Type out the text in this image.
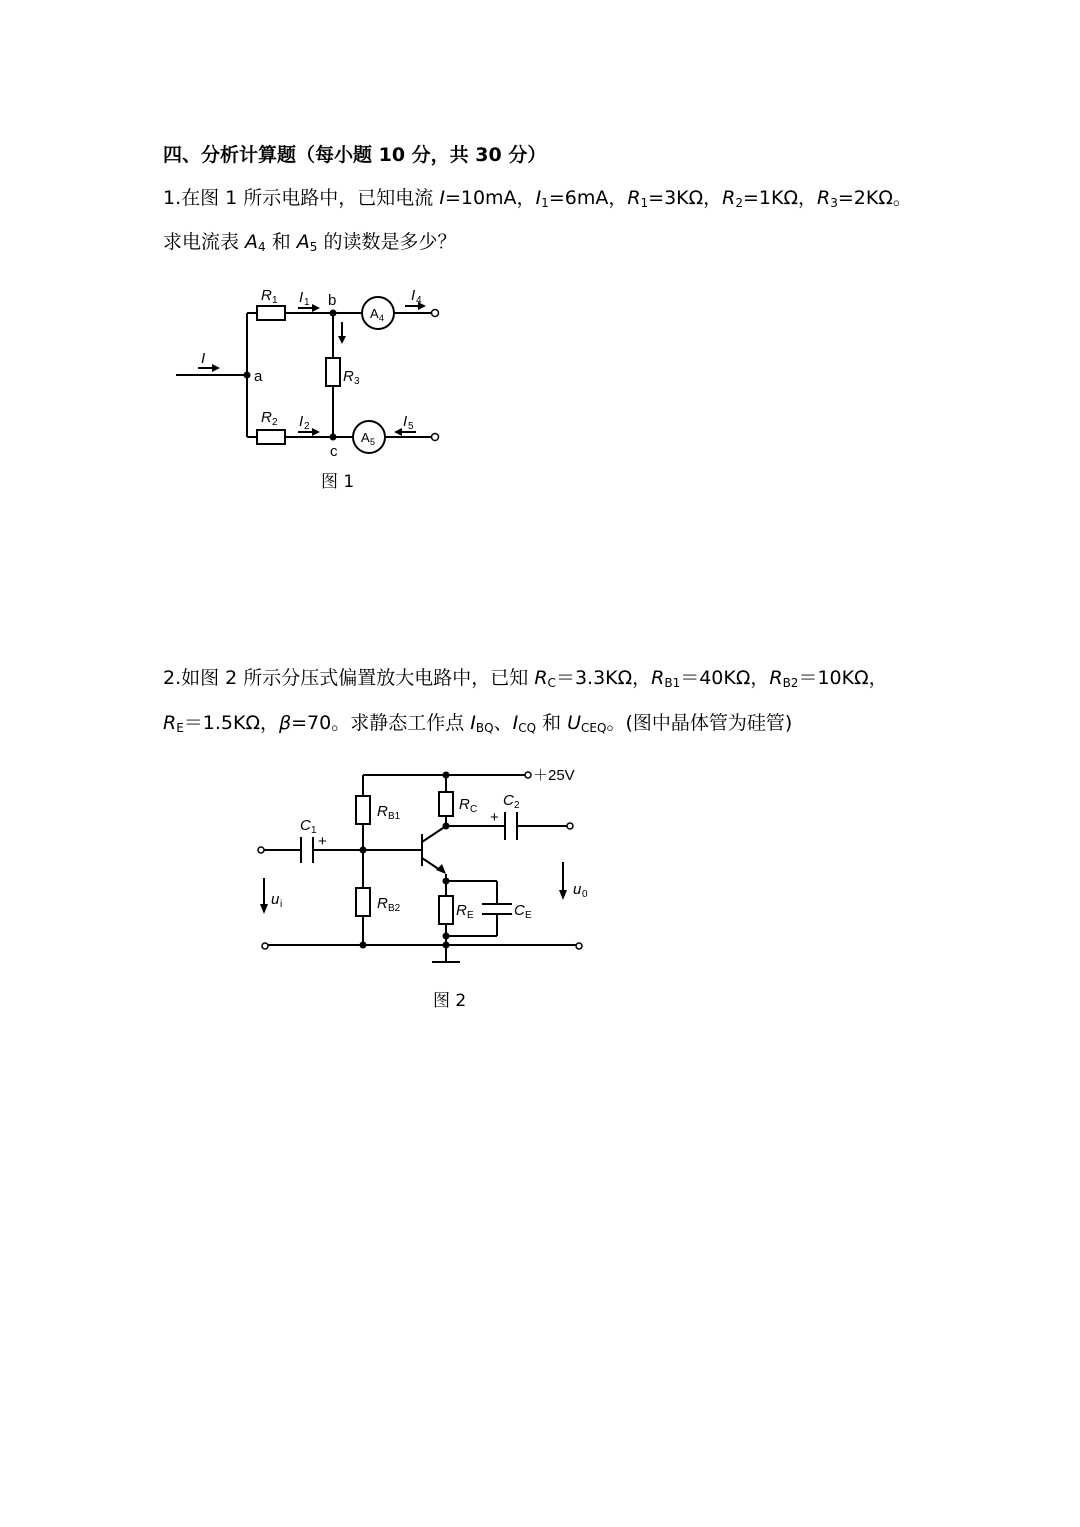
四、分析计算题（每小题 10 分，共 30 分）
1.在图 1 所示电路中，已知电流 I=10mA，$I_1=6mA$，$R_1=3K\Omega$，$R_2=1K\Omega$，$R_3=2K\Omega$。
求电流表 $A_4$ 和 $A_5$ 的读数是多少？
R 1
R 2
R 3
I
I 1
I 2
I 4
I 5
A 4
A 5
a
b
c
图 1
2.如图 2 所示分压式偏置放大电路中，已知 $R_C=3.3K\Omega$，$R_{B1}=40K\Omega$，$R_{B2}=10K\Omega$，
$R_E=1.5K\Omega$，β=70。求静态工作点 $I_{BQ}$、$I_{CQ}$ 和 $U_{CEQ}$。(图中晶体管为硅管)
＋25V
R B1
R B2
R C
R E
C 1
C 2
C E
u i
u 0
+
+
图 2
